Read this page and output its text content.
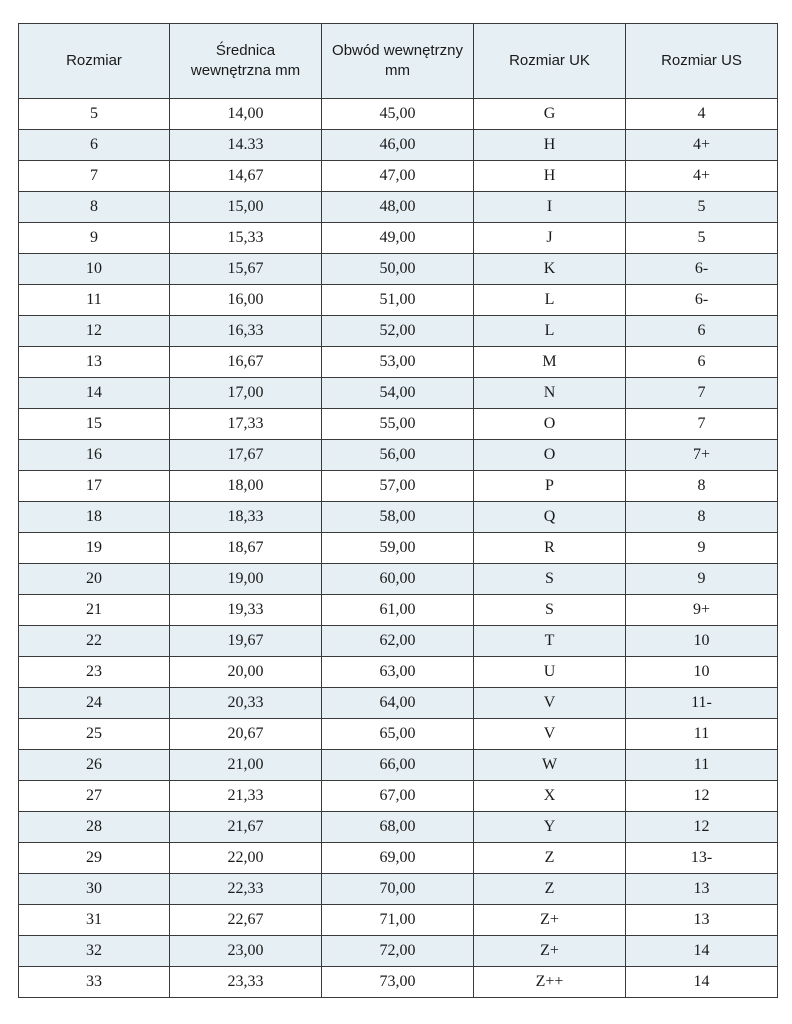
Rozmiar	Średnica wewnętrzna mm	Obwód wewnętrzny mm	Rozmiar UK	Rozmiar US
5	14,00	45,00	G	4
6	14.33	46,00	H	4+
7	14,67	47,00	H	4+
8	15,00	48,00	I	5
9	15,33	49,00	J	5
10	15,67	50,00	K	6-
11	16,00	51,00	L	6-
12	16,33	52,00	L	6
13	16,67	53,00	M	6
14	17,00	54,00	N	7
15	17,33	55,00	O	7
16	17,67	56,00	O	7+
17	18,00	57,00	P	8
18	18,33	58,00	Q	8
19	18,67	59,00	R	9
20	19,00	60,00	S	9
21	19,33	61,00	S	9+
22	19,67	62,00	T	10
23	20,00	63,00	U	10
24	20,33	64,00	V	11-
25	20,67	65,00	V	11
26	21,00	66,00	W	11
27	21,33	67,00	X	12
28	21,67	68,00	Y	12
29	22,00	69,00	Z	13-
30	22,33	70,00	Z	13
31	22,67	71,00	Z+	13
32	23,00	72,00	Z+	14
33	23,33	73,00	Z++	14
